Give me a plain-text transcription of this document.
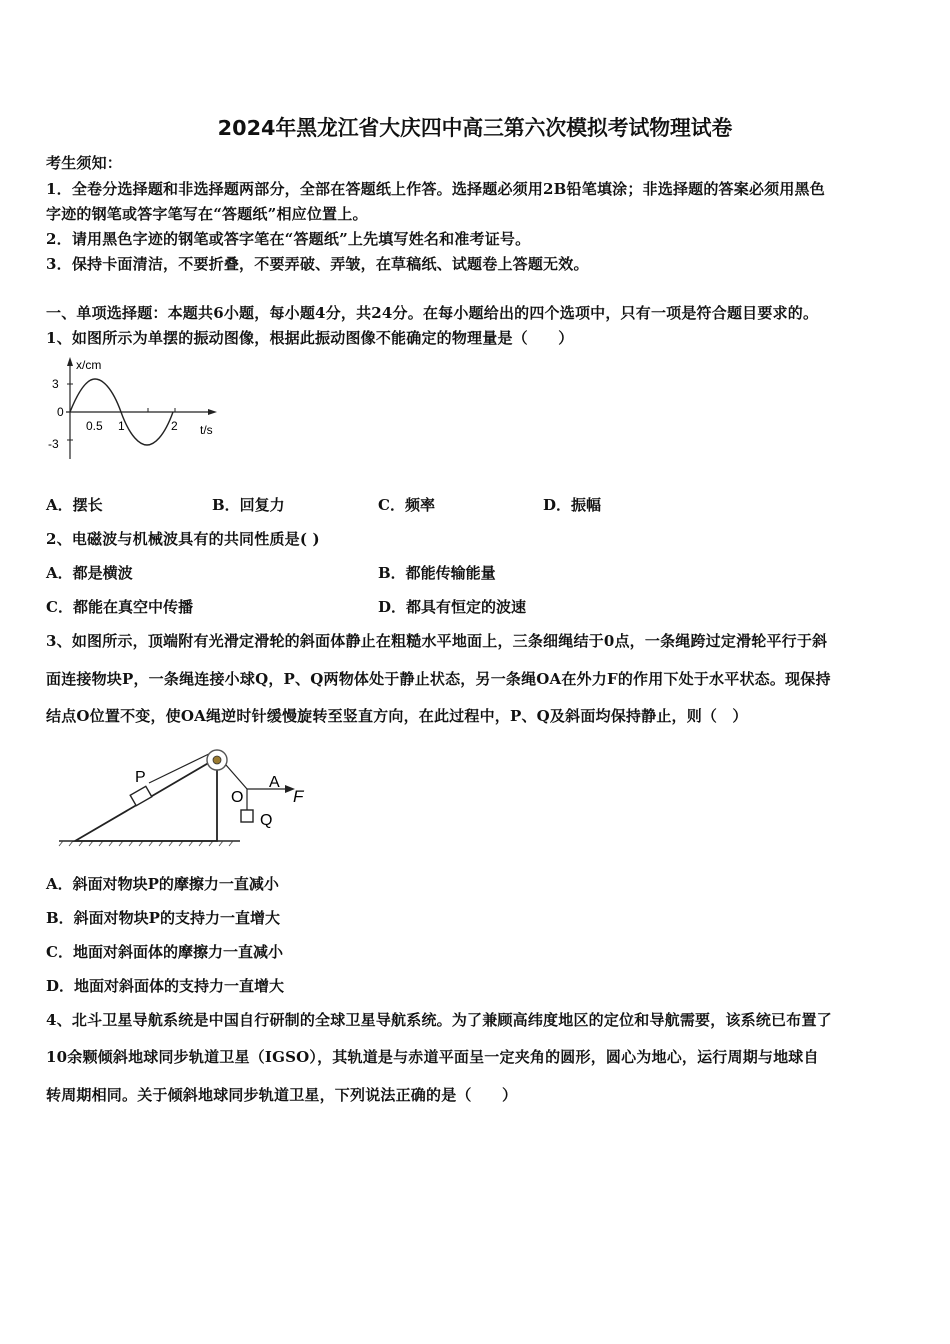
2024年黑龙江省大庆四中高三第六次模拟考试物理试卷
考生须知：
1．全卷分选择题和非选择题两部分，全部在答题纸上作答。选择题必须用2B铅笔填涂；非选择题的答案必须用黑色
字迹的钢笔或答字笔写在“答题纸”相应位置上。
2．请用黑色字迹的钢笔或答字笔在“答题纸”上先填写姓名和准考证号。
3．保持卡面清洁，不要折叠，不要弄破、弄皱，在草稿纸、试题卷上答题无效。
一、单项选择题：本题共6小题，每小题4分，共24分。在每小题给出的四个选项中，只有一项是符合题目要求的。
1、如图所示为单摆的振动图像，根据此振动图像不能确定的物理量是（　　）
x/cm
3
0
-3
0.5 1	2 t/s
A．摆长	B．回复力	C．频率	D．振幅
2、电磁波与机械波具有的共同性质是( )
A．都是横波	B．都能传输能量
C．都能在真空中传播	D．都具有恒定的波速
3、如图所示，顶端附有光滑定滑轮的斜面体静止在粗糙水平地面上，三条细绳结于0点，一条绳跨过定滑轮平行于斜
面连接物块P，一条绳连接小球Q，P、Q两物体处于静止状态，另一条绳OA在外力F的作用下处于水平状态。现保持
结点O位置不变，使OA绳逆时针缓慢旋转至竖直方向，在此过程中，P、Q及斜面均保持静止，则（　）
P	A
O	F
Q
A．斜面对物块P的摩擦力一直减小
B．斜面对物块P的支持力一直增大
C．地面对斜面体的摩擦力一直减小
D．地面对斜面体的支持力一直增大
4、北斗卫星导航系统是中国自行研制的全球卫星导航系统。为了兼顾高纬度地区的定位和导航需要，该系统已布置了
10余颗倾斜地球同步轨道卫星（IGSO），其轨道是与赤道平面呈一定夹角的圆形，圆心为地心，运行周期与地球自
转周期相同。关于倾斜地球同步轨道卫星，下列说法正确的是（　　）
